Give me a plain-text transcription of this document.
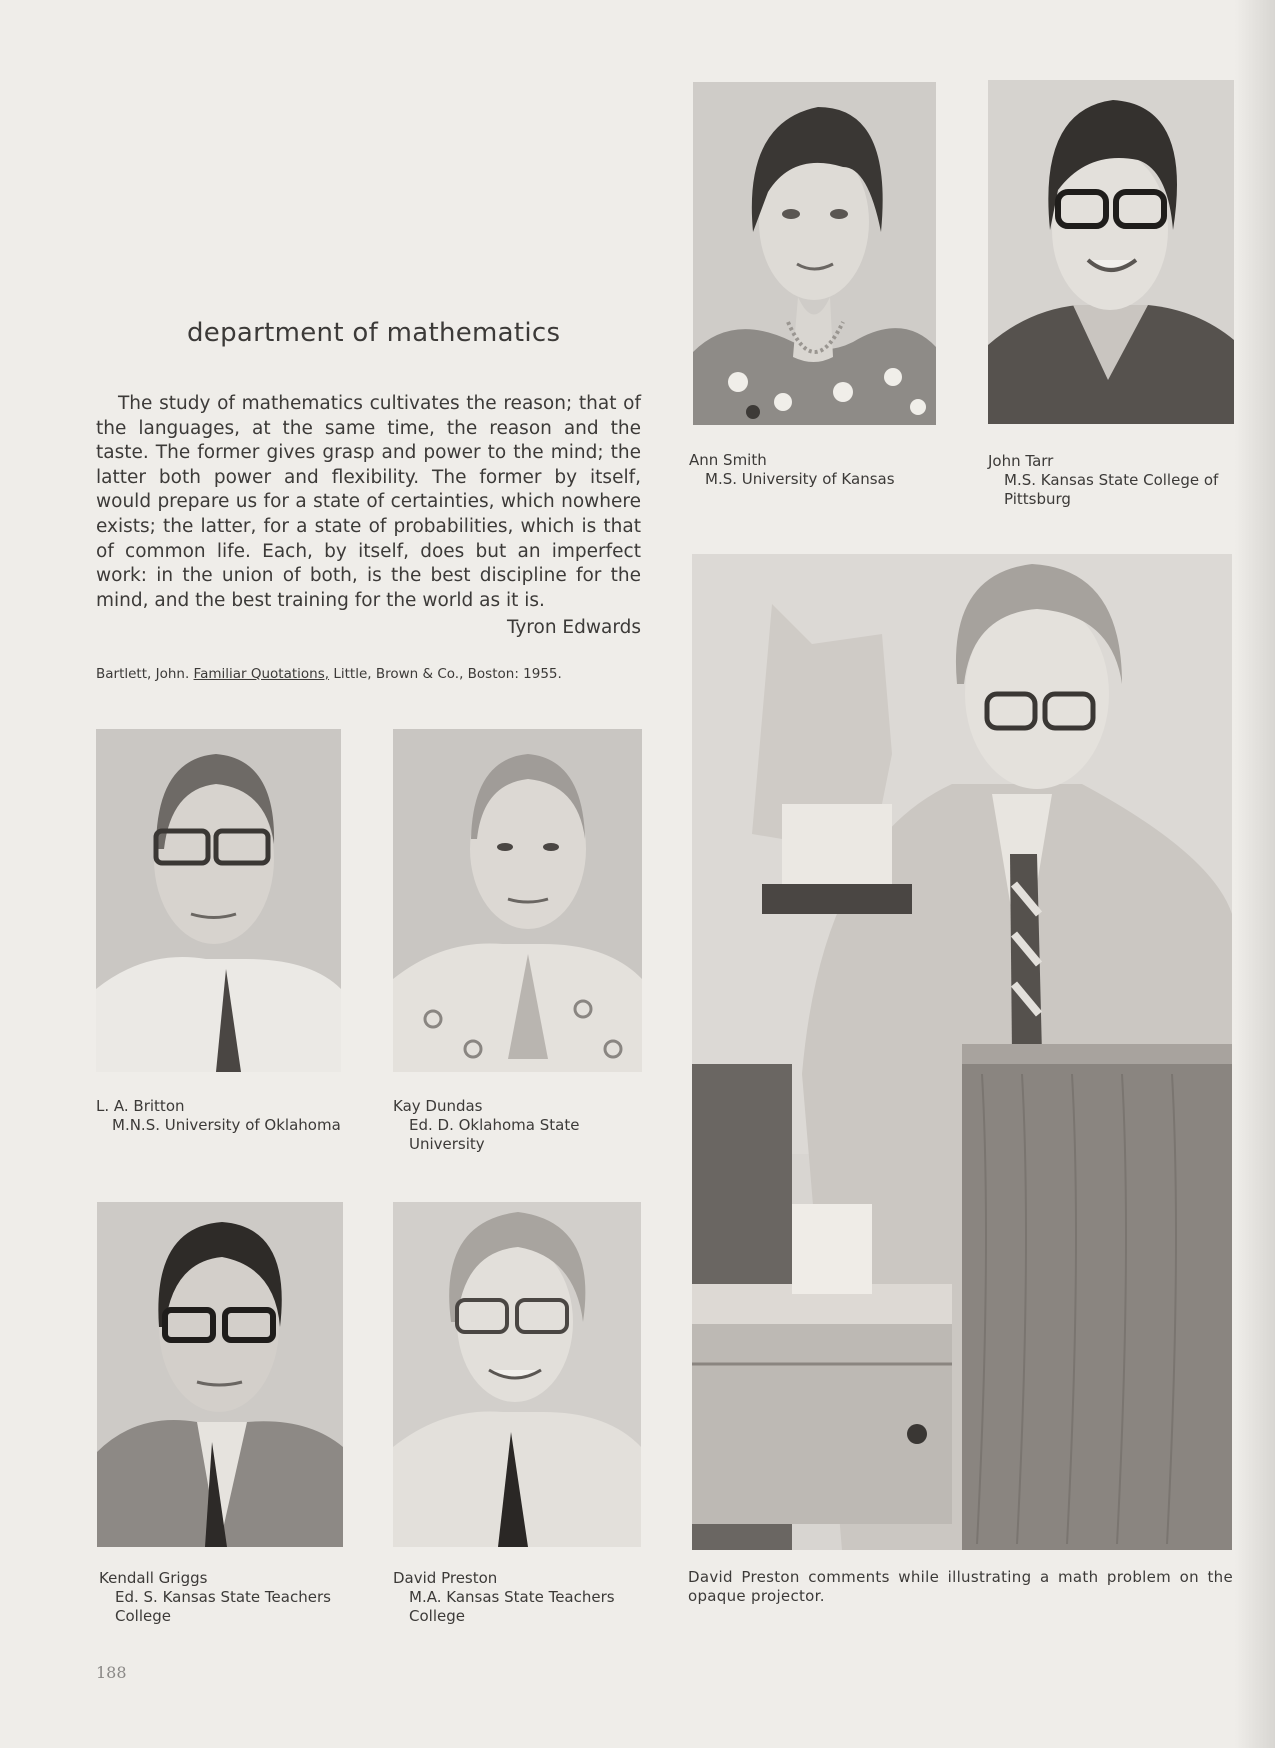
department of mathematics
The study of mathematics cultivates the reason; that of the languages, at the same time, the reason and the taste. The former gives grasp and power to the mind; the latter both power and flexibility. The former by itself, would prepare us for a state of certainties, which nowhere exists; the latter, for a state of probabilities, which is that of common life. Each, by itself, does but an imperfect work: in the union of both, is the best discipline for the mind, and the best training for the world as it is.
Tyron Edwards
Bartlett, John. Familiar Quotations, Little, Brown & Co., Boston: 1955.
Ann Smith
M.S. University of Kansas
John Tarr
M.S. Kansas State College of Pittsburg
L. A. Britton
M.N.S. University of Oklahoma
Kay Dundas
Ed. D. Oklahoma State University
Kendall Griggs
Ed. S. Kansas State Teachers College
David Preston
M.A. Kansas State Teachers College
David Preston comments while illustrating a math problem on the opaque projector.
188
